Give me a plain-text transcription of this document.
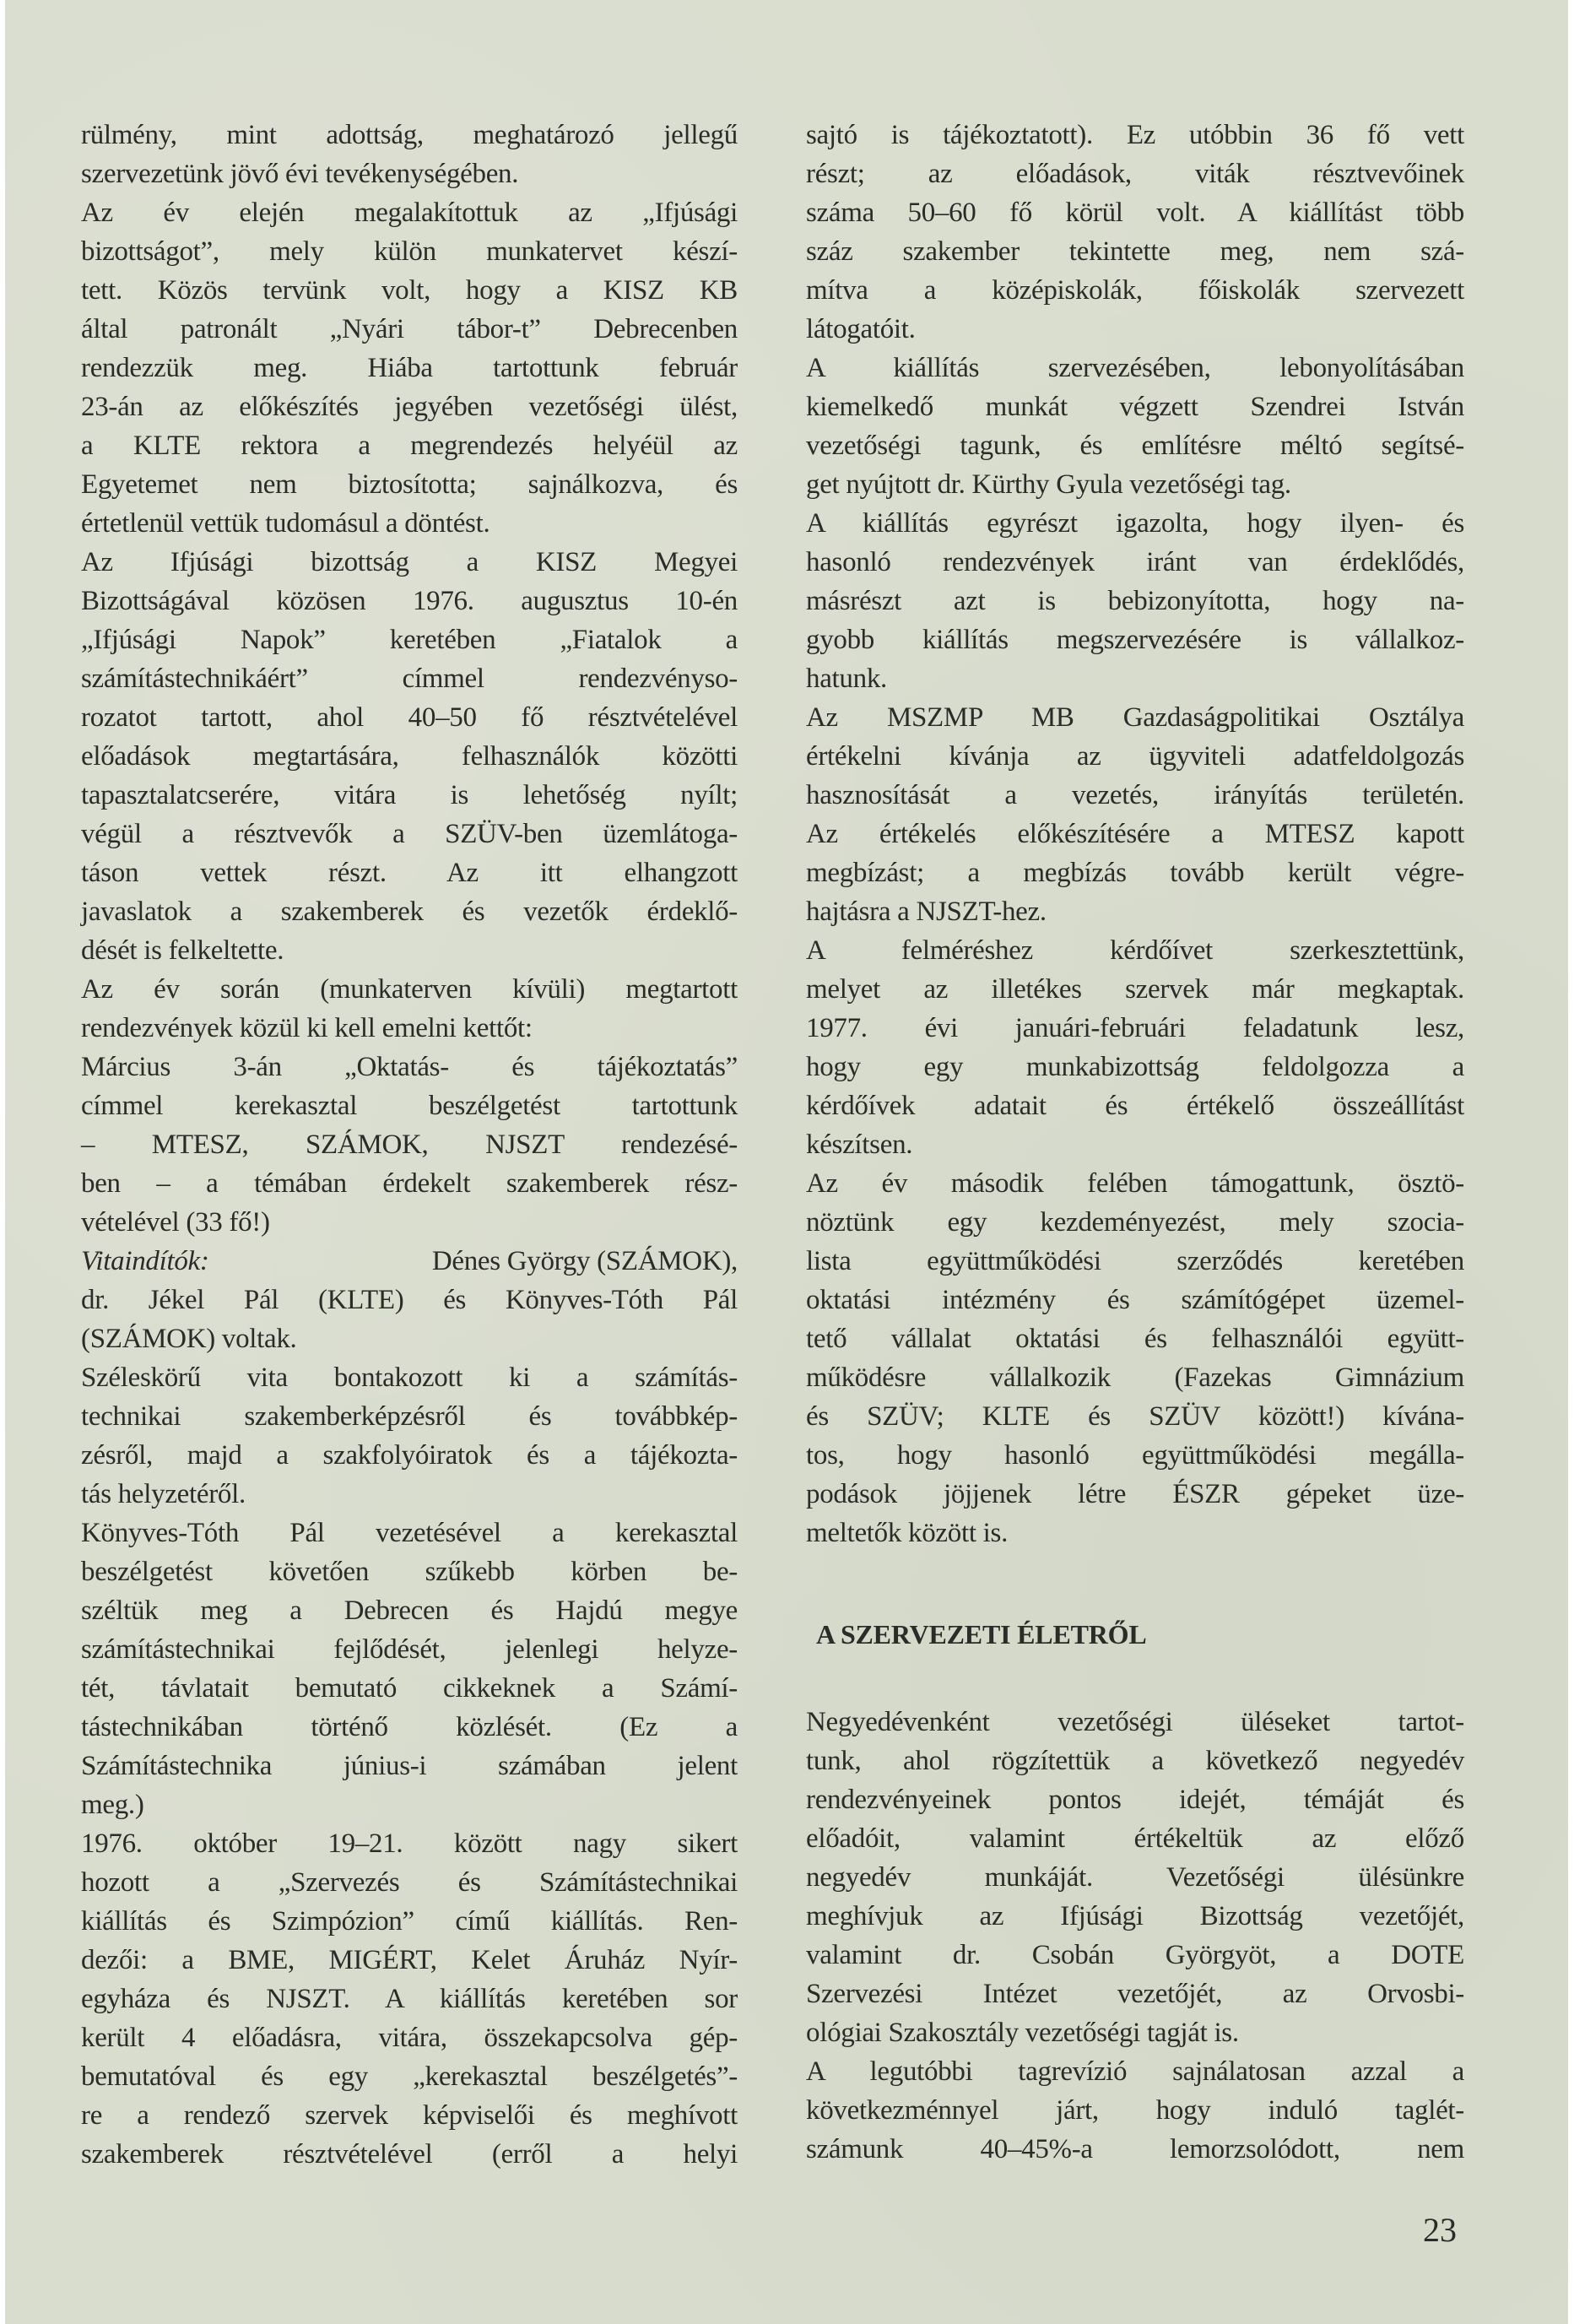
rülmény, mint adottság, meghatározó jellegű
szervezetünk jövő évi tevékenységében.
Az év elején megalakítottuk az „Ifjúsági
bizottságot”, mely külön munkatervet készí-
tett. Közös tervünk volt, hogy a KISZ KB
által patronált „Nyári tábor-t” Debrecenben
rendezzük meg. Hiába tartottunk február
23-án az előkészítés jegyében vezetőségi ülést,
a KLTE rektora a megrendezés helyéül az
Egyetemet nem biztosította; sajnálkozva, és
értetlenül vettük tudomásul a döntést.
Az Ifjúsági bizottság a KISZ Megyei
Bizottságával közösen 1976. augusztus 10-én
„Ifjúsági Napok” keretében „Fiatalok a
számítástechnikáért” címmel rendezvényso-
rozatot tartott, ahol 40–50 fő résztvételével
előadások megtartására, felhasználók közötti
tapasztalatcserére, vitára is lehetőség nyílt;
végül a résztvevők a SZÜV-ben üzemlátoga-
táson vettek részt. Az itt elhangzott
javaslatok a szakemberek és vezetők érdeklő-
dését is felkeltette.
Az év során (munkaterven kívüli) megtartott
rendezvények közül ki kell emelni kettőt:
Március 3-án „Oktatás- és tájékoztatás”
címmel kerekasztal beszélgetést tartottunk
– MTESZ, SZÁMOK, NJSZT rendezésé-
ben – a témában érdekelt szakemberek rész-
vételével (33 fő!)
Vitaindítók:	Dénes György (SZÁMOK),
dr. Jékel Pál (KLTE) és Könyves-Tóth Pál
(SZÁMOK) voltak.
Széleskörű vita bontakozott ki a számítás-
technikai szakemberképzésről és továbbkép-
zésről, majd a szakfolyóiratok és a tájékozta-
tás helyzetéről.
Könyves-Tóth Pál vezetésével a kerekasztal
beszélgetést követően szűkebb körben be-
széltük meg a Debrecen és Hajdú megye
számítástechnikai fejlődését, jelenlegi helyze-
tét, távlatait bemutató cikkeknek a Számí-
tástechnikában történő közlését. (Ez a
Számítástechnika június-i számában jelent
meg.)
1976. október 19–21. között nagy sikert
hozott a „Szervezés és Számítástechnikai
kiállítás és Szimpózion” című kiállítás. Ren-
dezői: a BME, MIGÉRT, Kelet Áruház Nyír-
egyháza és NJSZT. A kiállítás keretében sor
került 4 előadásra, vitára, összekapcsolva gép-
bemutatóval és egy „kerekasztal beszélgetés”-
re a rendező szervek képviselői és meghívott
szakemberek résztvételével (erről a helyi
sajtó is tájékoztatott). Ez utóbbin 36 fő vett
részt; az előadások, viták résztvevőinek
száma 50–60 fő körül volt. A kiállítást több
száz szakember tekintette meg, nem szá-
mítva a középiskolák, főiskolák szervezett
látogatóit.
A kiállítás szervezésében, lebonyolításában
kiemelkedő munkát végzett Szendrei István
vezetőségi tagunk, és említésre méltó segítsé-
get nyújtott dr. Kürthy Gyula vezetőségi tag.
A kiállítás egyrészt igazolta, hogy ilyen- és
hasonló rendezvények iránt van érdeklődés,
másrészt azt is bebizonyította, hogy na-
gyobb kiállítás megszervezésére is vállalkoz-
hatunk.
Az MSZMP MB Gazdaságpolitikai Osztálya
értékelni kívánja az ügyviteli adatfeldolgozás
hasznosítását a vezetés, irányítás területén.
Az értékelés előkészítésére a MTESZ kapott
megbízást; a megbízás tovább került végre-
hajtásra a NJSZT-hez.
A felméréshez kérdőívet szerkesztettünk,
melyet az illetékes szervek már megkaptak.
1977. évi januári-februári feladatunk lesz,
hogy egy munkabizottság feldolgozza a
kérdőívek adatait és értékelő összeállítást
készítsen.
Az év második felében támogattunk, ösztö-
nöztünk egy kezdeményezést, mely szocia-
lista együttműködési szerződés keretében
oktatási intézmény és számítógépet üzemel-
tető vállalat oktatási és felhasználói együtt-
működésre vállalkozik (Fazekas Gimnázium
és SZÜV; KLTE és SZÜV között!) kívána-
tos, hogy hasonló együttműködési megálla-
podások jöjjenek létre ÉSZR gépeket üze-
meltetők között is.
A SZERVEZETI ÉLETRŐL
Negyedévenként vezetőségi üléseket tartot-
tunk, ahol rögzítettük a következő negyedév
rendezvényeinek pontos idejét, témáját és
előadóit, valamint értékeltük az előző
negyedév munkáját. Vezetőségi ülésünkre
meghívjuk az Ifjúsági Bizottság vezetőjét,
valamint dr. Csobán Györgyöt, a DOTE
Szervezési Intézet vezetőjét, az Orvosbi-
ológiai Szakosztály vezetőségi tagját is.
A legutóbbi tagrevízió sajnálatosan azzal a
következménnyel járt, hogy induló taglét-
számunk 40–45%-a lemorzsolódott, nem
23
